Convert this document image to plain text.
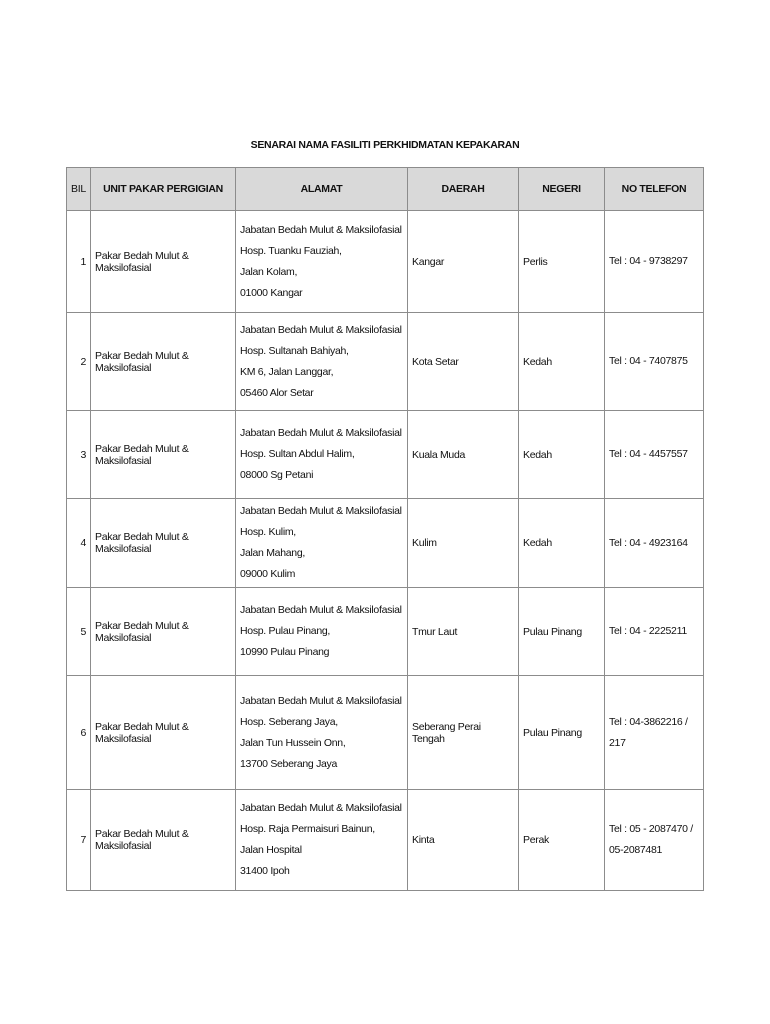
SENARAI NAMA FASILITI PERKHIDMATAN KEPAKARAN
BIL	UNIT PAKAR PERGIGIAN	ALAMAT	DAERAH	NEGERI	NO TELEFON
1	Pakar Bedah Mulut & Maksilofasial	Jabatan Bedah Mulut & Maksilofasial
Hosp. Tuanku Fauziah,
Jalan Kolam,
01000 Kangar	Kangar	Perlis	Tel : 04 - 9738297

2	Pakar Bedah Mulut & Maksilofasial	Jabatan Bedah Mulut & Maksilofasial
Hosp. Sultanah Bahiyah,
KM 6, Jalan Langgar,
05460 Alor Setar	Kota Setar	Kedah	Tel : 04 - 7407875

3	Pakar Bedah Mulut & Maksilofasial	Jabatan Bedah Mulut & Maksilofasial
Hosp. Sultan Abdul Halim,
08000 Sg Petani	Kuala Muda	Kedah	Tel : 04 - 4457557

4	Pakar Bedah Mulut & Maksilofasial	Jabatan Bedah Mulut & Maksilofasial
Hosp. Kulim,
Jalan Mahang,
09000 Kulim	Kulim	Kedah	Tel : 04 - 4923164

5	Pakar Bedah Mulut & Maksilofasial	Jabatan Bedah Mulut & Maksilofasial
Hosp. Pulau Pinang,
10990 Pulau Pinang	Tmur Laut	Pulau Pinang	Tel : 04 - 2225211

6	Pakar Bedah Mulut & Maksilofasial	Jabatan Bedah Mulut & Maksilofasial
Hosp. Seberang Jaya,
Jalan Tun Hussein Onn,
13700 Seberang Jaya	Seberang Perai Tengah	Pulau Pinang	Tel : 04-3862216 / 217

7	Pakar Bedah Mulut & Maksilofasial	Jabatan Bedah Mulut & Maksilofasial
Hosp. Raja Permaisuri Bainun,
Jalan Hospital
31400 Ipoh	Kinta	Perak	Tel : 05 - 2087470 /
05-2087481
